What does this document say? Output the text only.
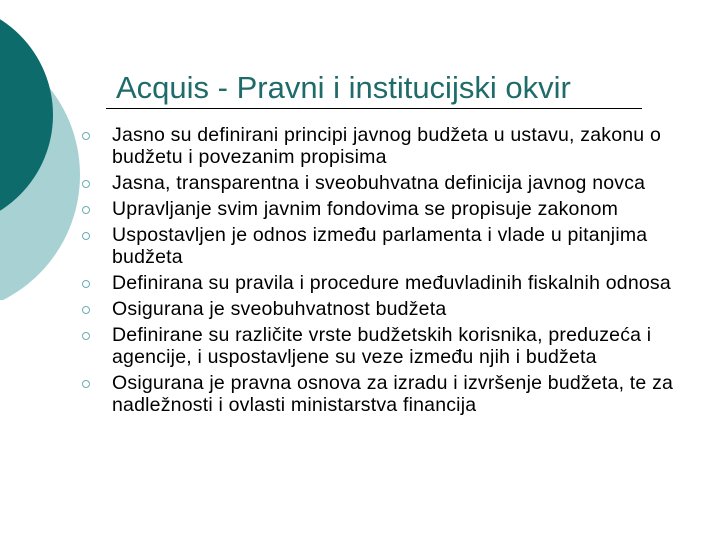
Acquis - Pravni i institucijski okvir
Jasno su definirani principi javnog budžeta u ustavu, zakonu o budžetu i povezanim propisima
Jasna, transparentna i sveobuhvatna definicija javnog novca
Upravljanje svim javnim fondovima se propisuje zakonom
Uspostavljen je odnos između parlamenta i vlade u pitanjima budžeta
Definirana su pravila i procedure međuvladinih fiskalnih odnosa
Osigurana je sveobuhvatnost budžeta
Definirane su različite vrste budžetskih korisnika, preduzeća i agencije, i uspostavljene su veze između njih i budžeta
Osigurana je pravna osnova za izradu i izvršenje budžeta, te za nadležnosti i ovlasti ministarstva financija
